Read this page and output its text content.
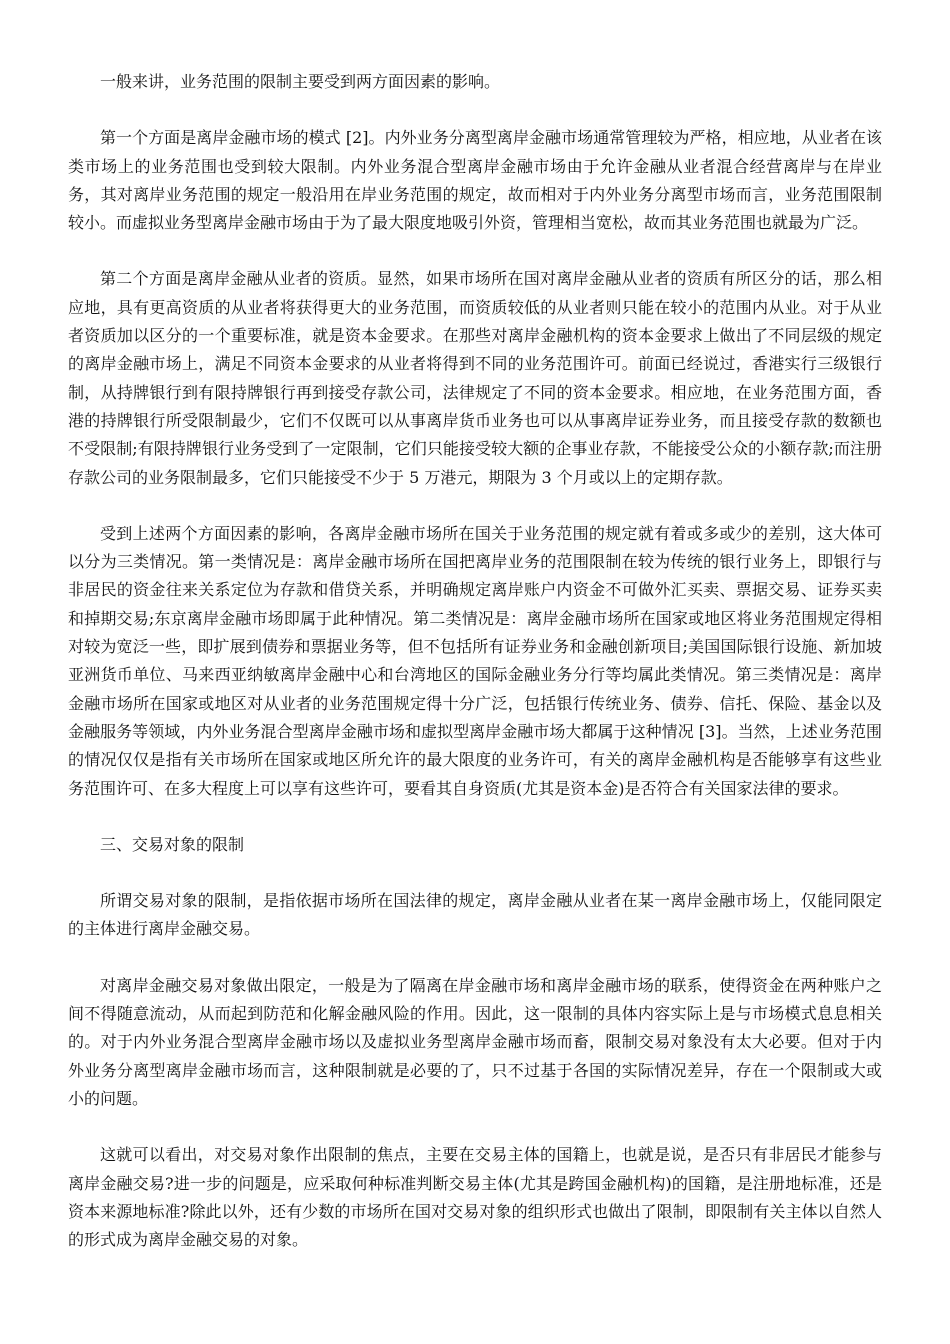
一般来讲，业务范围的限制主要受到两方面因素的影响。

第一个方面是离岸金融市场的模式 [2]。内外业务分离型离岸金融市场通常管理较为严格，相应地，从业者在该类市场上的业务范围也受到较大限制。内外业务混合型离岸金融市场由于允许金融从业者混合经营离岸与在岸业务，其对离岸业务范围的规定一般沿用在岸业务范围的规定，故而相对于内外业务分离型市场而言，业务范围限制较小。而虚拟业务型离岸金融市场由于为了最大限度地吸引外资，管理相当宽松，故而其业务范围也就最为广泛。

第二个方面是离岸金融从业者的资质。显然，如果市场所在国对离岸金融从业者的资质有所区分的话，那么相应地，具有更高资质的从业者将获得更大的业务范围，而资质较低的从业者则只能在较小的范围内从业。对于从业者资质加以区分的一个重要标准，就是资本金要求。在那些对离岸金融机构的资本金要求上做出了不同层级的规定的离岸金融市场上，满足不同资本金要求的从业者将得到不同的业务范围许可。前面已经说过，香港实行三级银行制，从持牌银行到有限持牌银行再到接受存款公司，法律规定了不同的资本金要求。相应地，在业务范围方面，香港的持牌银行所受限制最少，它们不仅既可以从事离岸货币业务也可以从事离岸证券业务，而且接受存款的数额也不受限制;有限持牌银行业务受到了一定限制，它们只能接受较大额的企事业存款，不能接受公众的小额存款;而注册存款公司的业务限制最多，它们只能接受不少于 5 万港元，期限为 3 个月或以上的定期存款。

受到上述两个方面因素的影响，各离岸金融市场所在国关于业务范围的规定就有着或多或少的差别，这大体可以分为三类情况。第一类情况是：离岸金融市场所在国把离岸业务的范围限制在较为传统的银行业务上，即银行与非居民的资金往来关系定位为存款和借贷关系，并明确规定离岸账户内资金不可做外汇买卖、票据交易、证券买卖和掉期交易;东京离岸金融市场即属于此种情况。第二类情况是：离岸金融市场所在国家或地区将业务范围规定得相对较为宽泛一些，即扩展到债券和票据业务等，但不包括所有证券业务和金融创新项目;美国国际银行设施、新加坡亚洲货币单位、马来西亚纳敏离岸金融中心和台湾地区的国际金融业务分行等均属此类情况。第三类情况是：离岸金融市场所在国家或地区对从业者的业务范围规定得十分广泛，包括银行传统业务、债券、信托、保险、基金以及金融服务等领域，内外业务混合型离岸金融市场和虚拟型离岸金融市场大都属于这种情况 [3]。当然，上述业务范围的情况仅仅是指有关市场所在国家或地区所允许的最大限度的业务许可，有关的离岸金融机构是否能够享有这些业务范围许可、在多大程度上可以享有这些许可，要看其自身资质(尤其是资本金)是否符合有关国家法律的要求。

三、交易对象的限制

所谓交易对象的限制，是指依据市场所在国法律的规定，离岸金融从业者在某一离岸金融市场上，仅能同限定的主体进行离岸金融交易。

对离岸金融交易对象做出限定，一般是为了隔离在岸金融市场和离岸金融市场的联系，使得资金在两种账户之间不得随意流动，从而起到防范和化解金融风险的作用。因此，这一限制的具体内容实际上是与市场模式息息相关的。对于内外业务混合型离岸金融市场以及虚拟业务型离岸金融市场而畜，限制交易对象没有太大必要。但对于内外业务分离型离岸金融市场而言，这种限制就是必要的了，只不过基于各国的实际情况差异，存在一个限制或大或小的问题。

这就可以看出，对交易对象作出限制的焦点，主要在交易主体的国籍上，也就是说，是否只有非居民才能参与离岸金融交易?进一步的问题是，应采取何种标准判断交易主体(尤其是跨国金融机构)的国籍，是注册地标准，还是资本来源地标准?除此以外，还有少数的市场所在国对交易对象的组织形式也做出了限制，即限制有关主体以自然人的形式成为离岸金融交易的对象。
